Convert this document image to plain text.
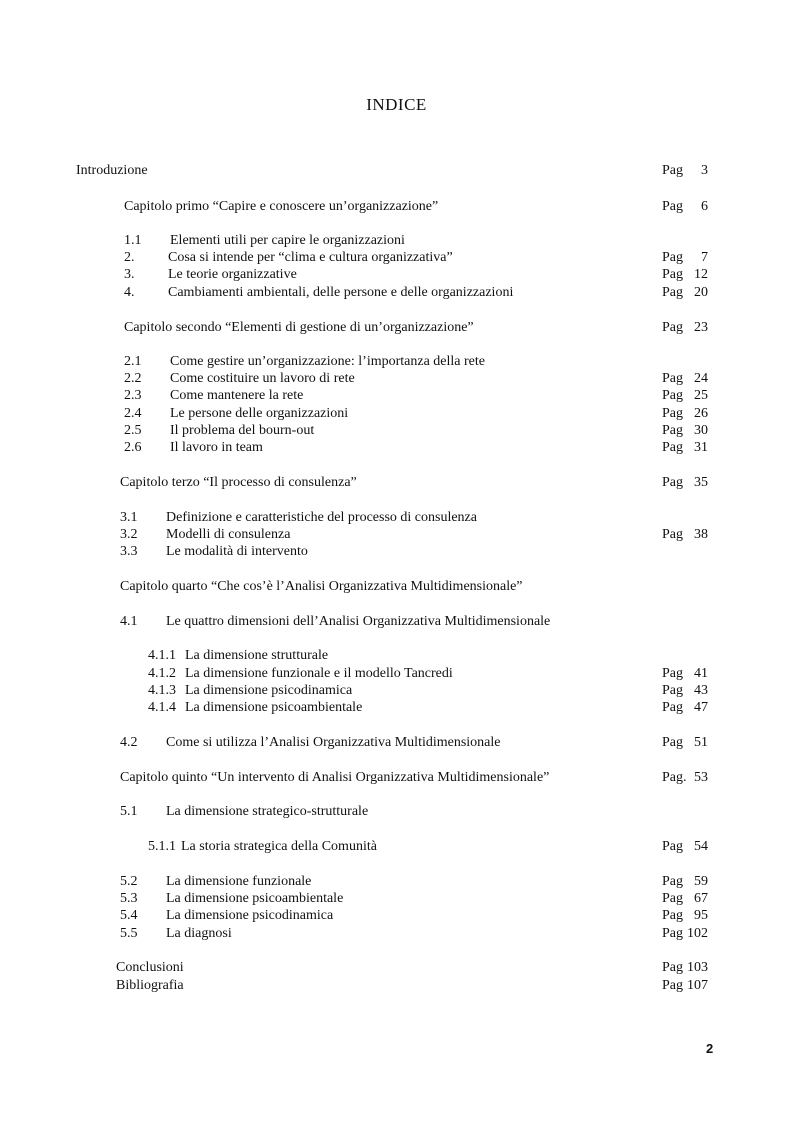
INDICE
Introduzione	Pag 3
Capitolo primo “Capire e conoscere un’organizzazione”	Pag 6
1.1 Elementi utili per capire le organizzazioni
2. Cosa si intende per “clima e cultura organizzativa”	Pag 7
3. Le teorie organizzative	Pag 12
4. Cambiamenti ambientali, delle persone e delle organizzazioni	Pag 20
Capitolo secondo “Elementi di gestione di un’organizzazione”	Pag 23
2.1 Come gestire un’organizzazione: l’importanza della rete
2.2 Come costituire un lavoro di rete	Pag 24
2.3 Come mantenere la rete	Pag 25
2.4 Le persone delle organizzazioni	Pag 26
2.5 Il problema del bourn-out	Pag 30
2.6 Il lavoro in team	Pag 31
Capitolo terzo “Il processo di consulenza”	Pag 35
3.1 Definizione e caratteristiche del processo di consulenza
3.2 Modelli di consulenza	Pag 38
3.3 Le modalità di intervento
Capitolo quarto “Che cos’è l’Analisi Organizzativa Multidimensionale”
4.1 Le quattro dimensioni dell’Analisi Organizzativa Multidimensionale
4.1.1 La dimensione strutturale
4.1.2 La dimensione funzionale e il modello Tancredi	Pag 41
4.1.3 La dimensione psicodinamica	Pag 43
4.1.4 La dimensione psicoambientale	Pag 47
4.2 Come si utilizza l’Analisi Organizzativa Multidimensionale	Pag 51
Capitolo quinto “Un intervento di Analisi Organizzativa Multidimensionale”	Pag. 53
5.1 La dimensione strategico-strutturale
5.1.1 La storia strategica della Comunità	Pag 54
5.2 La dimensione funzionale	Pag 59
5.3 La dimensione psicoambientale	Pag 67
5.4 La dimensione psicodinamica	Pag 95
5.5 La diagnosi	Pag 102
Conclusioni	Pag 103
Bibliografia	Pag 107
2
